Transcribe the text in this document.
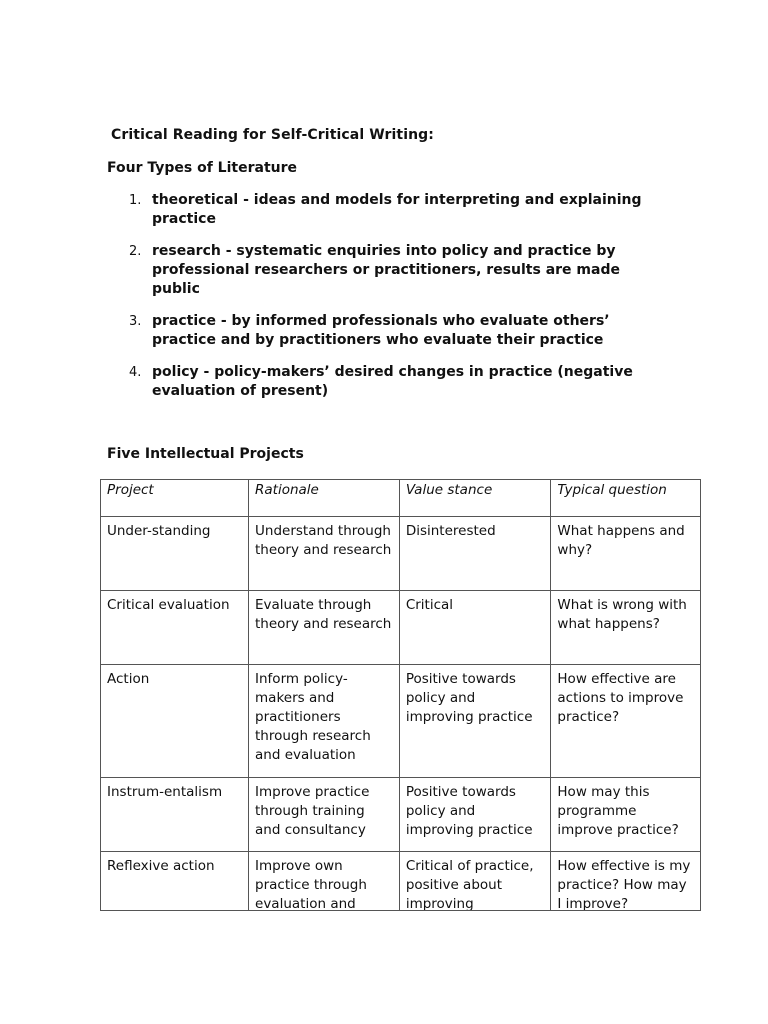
Critical Reading for Self-Critical Writing:
Four Types of Literature
1. theoretical - ideas and models for interpreting and explaining practice
2. research - systematic enquiries into policy and practice by professional researchers or practitioners, results are made public
3. practice - by informed professionals who evaluate others’ practice and by practitioners who evaluate their practice
4. policy - policy-makers’ desired changes in practice (negative evaluation of present)
Five Intellectual Projects
Project	Rationale	Value stance	Typical question
Under-standing	Understand through theory and research	Disinterested	What happens and why?
Critical evaluation	Evaluate through theory and research	Critical	What is wrong with what happens?
Action	Inform policy-makers and practitioners through research and evaluation	Positive towards policy and improving practice	How effective are actions to improve practice?
Instrum-entalism	Improve practice through training and consultancy	Positive towards policy and improving practice	How may this programme improve practice?

Reflexive action	Improve own practice through evaluation and	Critical of practice, positive about improving	How effective is my practice? How may I improve?
